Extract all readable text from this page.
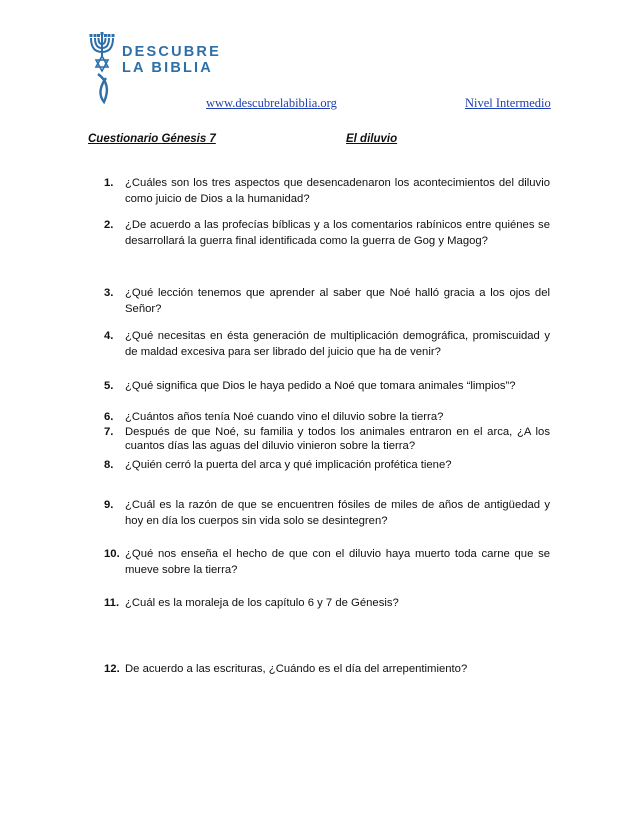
DESCUBRE
LA BIBLIA
www.descubrelabiblia.org	Nivel Intermedio
Cuestionario Génesis 7	El diluvio
1. ¿Cuáles son los tres aspectos que desencadenaron los acontecimientos del diluvio como juicio de Dios a la humanidad?
2. ¿De acuerdo a las profecías bíblicas y a los comentarios rabínicos entre quiénes se desarrollará la guerra final identificada como la guerra de Gog y Magog?
3. ¿Qué lección tenemos que aprender al saber que Noé halló gracia a los ojos del Señor?
4. ¿Qué necesitas en ésta generación de multiplicación demográfica, promiscuidad y de maldad excesiva para ser librado del juicio que ha de venir?
5. ¿Qué significa que Dios le haya pedido a Noé que tomara animales “limpios”?
6. ¿Cuántos años tenía Noé cuando vino el diluvio sobre la tierra?
7. Después de que Noé, su familia y todos los animales entraron en el arca, ¿A los cuantos días las aguas del diluvio vinieron sobre la tierra?
8. ¿Quién cerró la puerta del arca y qué implicación profética tiene?
9. ¿Cuál es la razón de que se encuentren fósiles de miles de años de antigüedad y hoy en día los cuerpos sin vida solo se desintegren?
10. ¿Qué nos enseña el hecho de que con el diluvio haya muerto toda carne que se mueve sobre la tierra?
11. ¿Cuál es la moraleja de los capítulo 6 y 7 de Génesis?
12. De acuerdo a las escrituras, ¿Cuándo es el día del arrepentimiento?
